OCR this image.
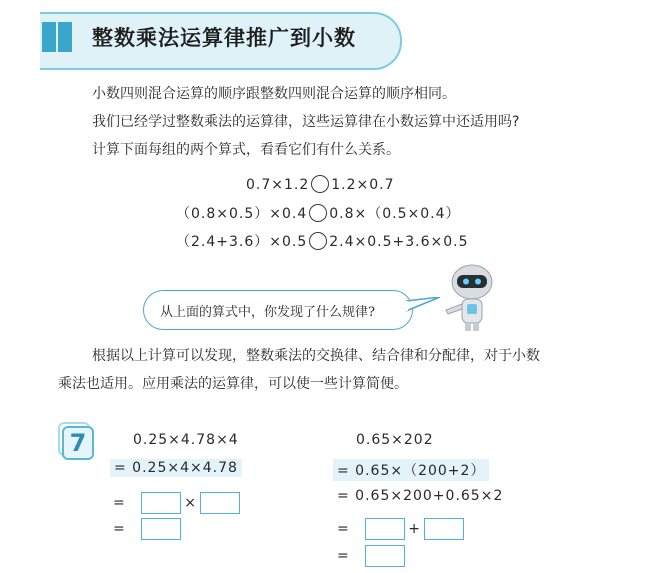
整数乘法运算律推广到小数
小数四则混合运算的顺序跟整数四则混合运算的顺序相同。
我们已经学过整数乘法的运算律，这些运算律在小数运算中还适用吗?
计算下面每组的两个算式，看看它们有什么关系。
0.7×1.2 1.2×0.7
（0.8×0.5）×0.4 0.8×（0.5×0.4）
（2.4+3.6）×0.5 2.4×0.5+3.6×0.5
从上面的算式中，你发现了什么规律?
根据以上计算可以发现，整数乘法的交换律、结合律和分配律，对于小数
乘法也适用。应用乘法的运算律，可以使一些计算简便。
7	0.25×4.78×4
= 0.25×4×4.78
=	×
=
0.65×202
= 0.65×（200+2）
= 0.65×200+0.65×2
=	+
=
